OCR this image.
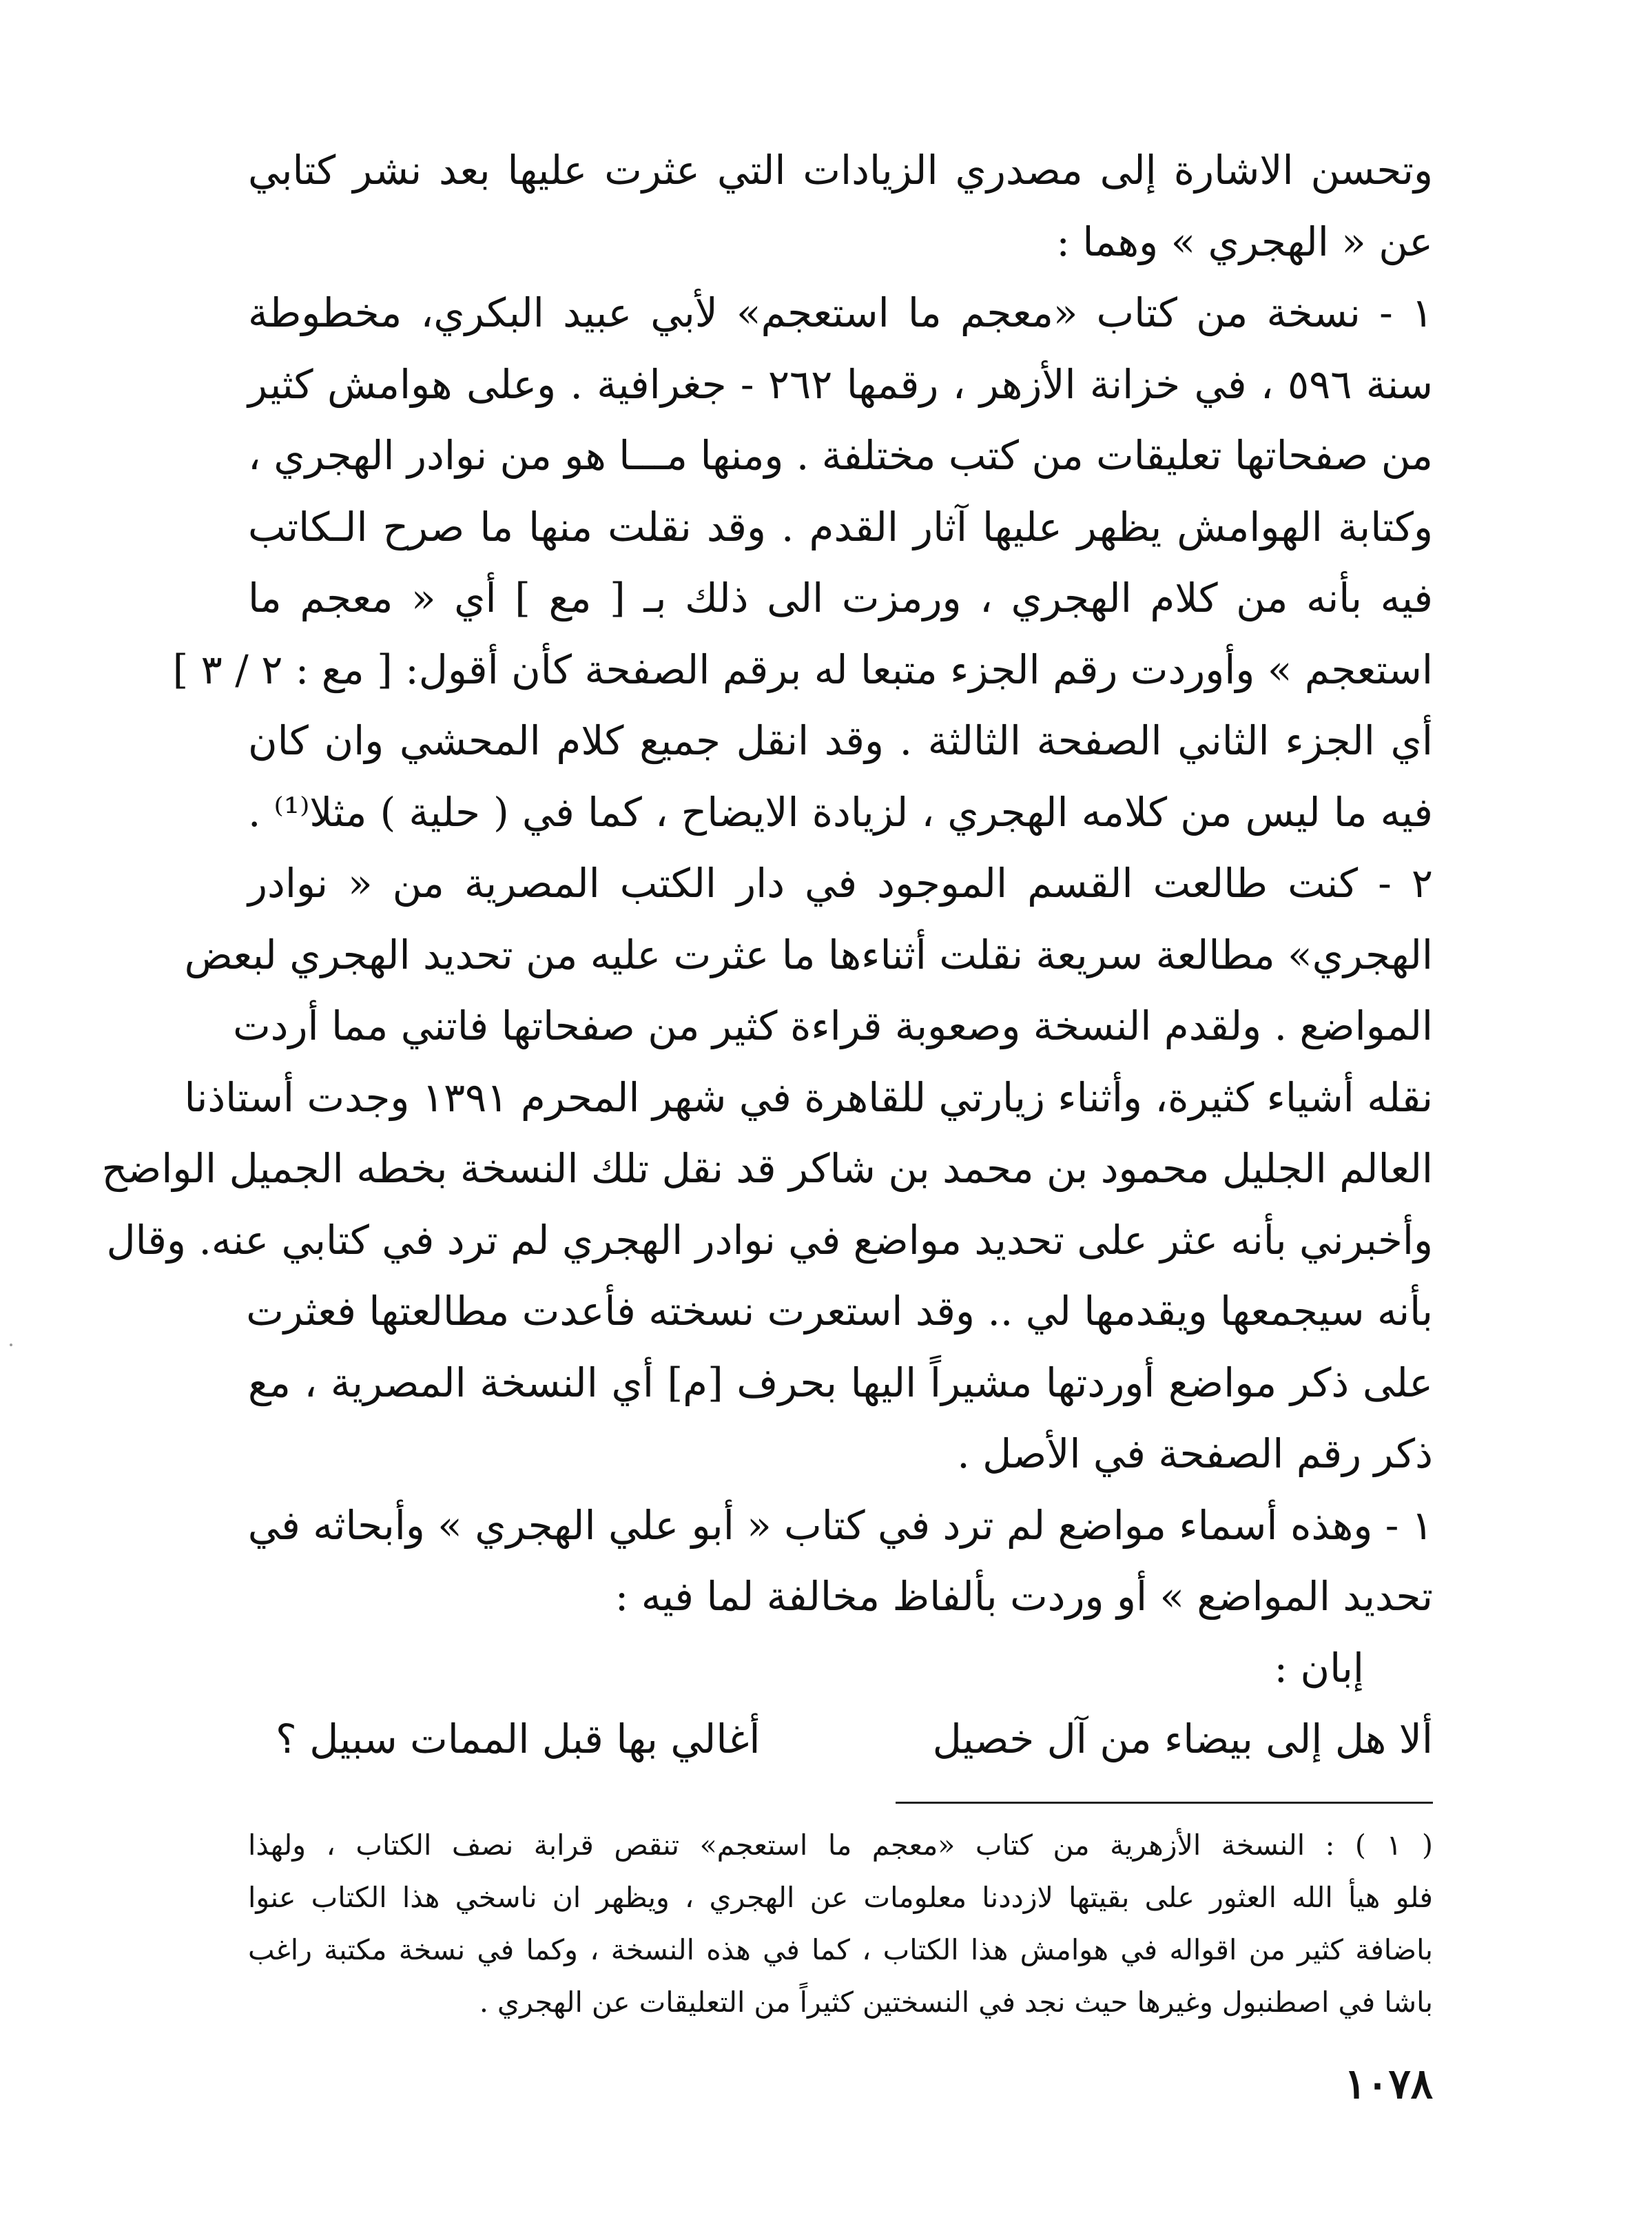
وتحسن الاشارة إلى مصدري الزيادات التي عثرت عليها بعد نشر كتابي
عن « الهجري » وهما :
١ - نسخة من كتاب «معجم ما استعجم» لأبي عبيد البكري، مخطوطة
سنة ٥٩٦ ، في خزانة الأزهر ، رقمها ٢٦٢ - جغرافية . وعلى هوامش كثير
من صفحاتها تعليقات من كتب مختلفة . ومنها مـــا هو من نوادر الهجري ،
وكتابة الهوامش يظهر عليها آثار القدم . وقد نقلت منها ما صرح الـكاتب
فيه بأنه من كلام الهجري ، ورمزت الى ذلك بـ [ مع ] أي « معجم ما
استعجم » وأوردت رقم الجزء متبعا له برقم الصفحة كأن أقول: [ مع : ٢ / ٣ ]
أي الجزء الثاني الصفحة الثالثة . وقد انقل جميع كلام المحشي وان كان
فيه ما ليس من كلامه الهجري ، لزيادة الايضاح ، كما في ( حلية ) مثلا⁽¹⁾ .
٢ - كنت طالعت القسم الموجود في دار الكتب المصرية من « نوادر
الهجري» مطالعة سريعة نقلت أثناءها ما عثرت عليه من تحديد الهجري لبعض
المواضع . ولقدم النسخة وصعوبة قراءة كثير من صفحاتها فاتني مما أردت
نقله أشياء كثيرة، وأثناء زيارتي للقاهرة في شهر المحرم ١٣٩١ وجدت أستاذنا
العالم الجليل محمود بن محمد بن شاكر قد نقل تلك النسخة بخطه الجميل الواضح
وأخبرني بأنه عثر على تحديد مواضع في نوادر الهجري لم ترد في كتابي عنه. وقال
بأنه سيجمعها ويقدمها لي .. وقد استعرت نسخته فأعدت مطالعتها فعثرت
على ذكر مواضع أوردتها مشيراً اليها بحرف [م] أي النسخة المصرية ، مع
ذكر رقم الصفحة في الأصل .
١ - وهذه أسماء مواضع لم ترد في كتاب « أبو علي الهجري » وأبحاثه في
تحديد المواضع » أو وردت بألفاظ مخالفة لما فيه :
إبان :
ألا هل إلى بيضاء من آل خصيل
أغالي بها قبل الممات سبيل ؟
( ١ ) : النسخة الأزهرية من كتاب «معجم ما استعجم» تنقص قرابة نصف الكتاب ، ولهذا
فلو هيأ الله العثور على بقيتها لازددنا معلومات عن الهجري ، ويظهر ان ناسخي هذا الكتاب عنوا
باضافة كثير من اقواله في هوامش هذا الكتاب ، كما في هذه النسخة ، وكما في نسخة مكتبة راغب
باشا في اصطنبول وغيرها حيث نجد في النسختين كثيراً من التعليقات عن الهجري .
١٠٧٨
